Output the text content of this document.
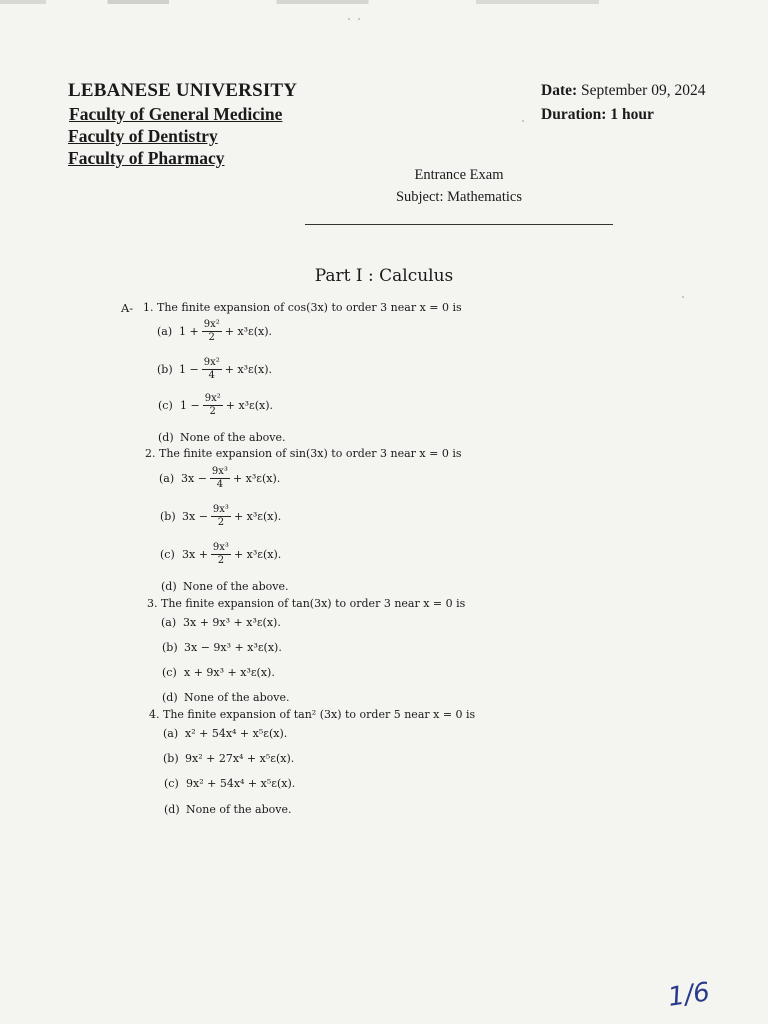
LEBANESE UNIVERSITY
Faculty of General Medicine
Faculty of Dentistry
Faculty of Pharmacy
Date: September 09, 2024
Duration: 1 hour
Entrance Exam
Subject: Mathematics
Part I : Calculus
A- 1. The finite expansion of cos(3x) to order 3 near x = 0 is
(a) $1 + \frac{\text{9x²}}{2} + x^3\varepsilon(x)$.
(b) $1 - \frac{\text{9x²}}{4} + x^3\varepsilon(x)$.
(c) $1 - \frac{\text{9x²}}{2} + x^3\varepsilon(x)$.
(d) None of the above.
2. The finite expansion of sin(3x) to order 3 near x = 0 is
(a) $3x - \frac{\text{9x³}}{4} + x^3\varepsilon(x)$.
(b) $3x - \frac{\text{9x³}}{2} + x^3\varepsilon(x)$.
(c) $3x + \frac{\text{9x³}}{2} + x^3\varepsilon(x)$.
(d) None of the above.
3. The finite expansion of tan(3x) to order 3 near x = 0 is
(a) 3x + 9x³ + x³ε(x).
(b) 3x − 9x³ + x³ε(x).
(c) x + 9x³ + x³ε(x).
(d) None of the above.
4. The finite expansion of tan² (3x) to order 5 near x = 0 is
(a) x² + 54x⁴ + x⁵ε(x).
(b) 9x² + 27x⁴ + x⁵ε(x).
(c) 9x² + 54x⁴ + x⁵ε(x).
(d) None of the above.
1/6
